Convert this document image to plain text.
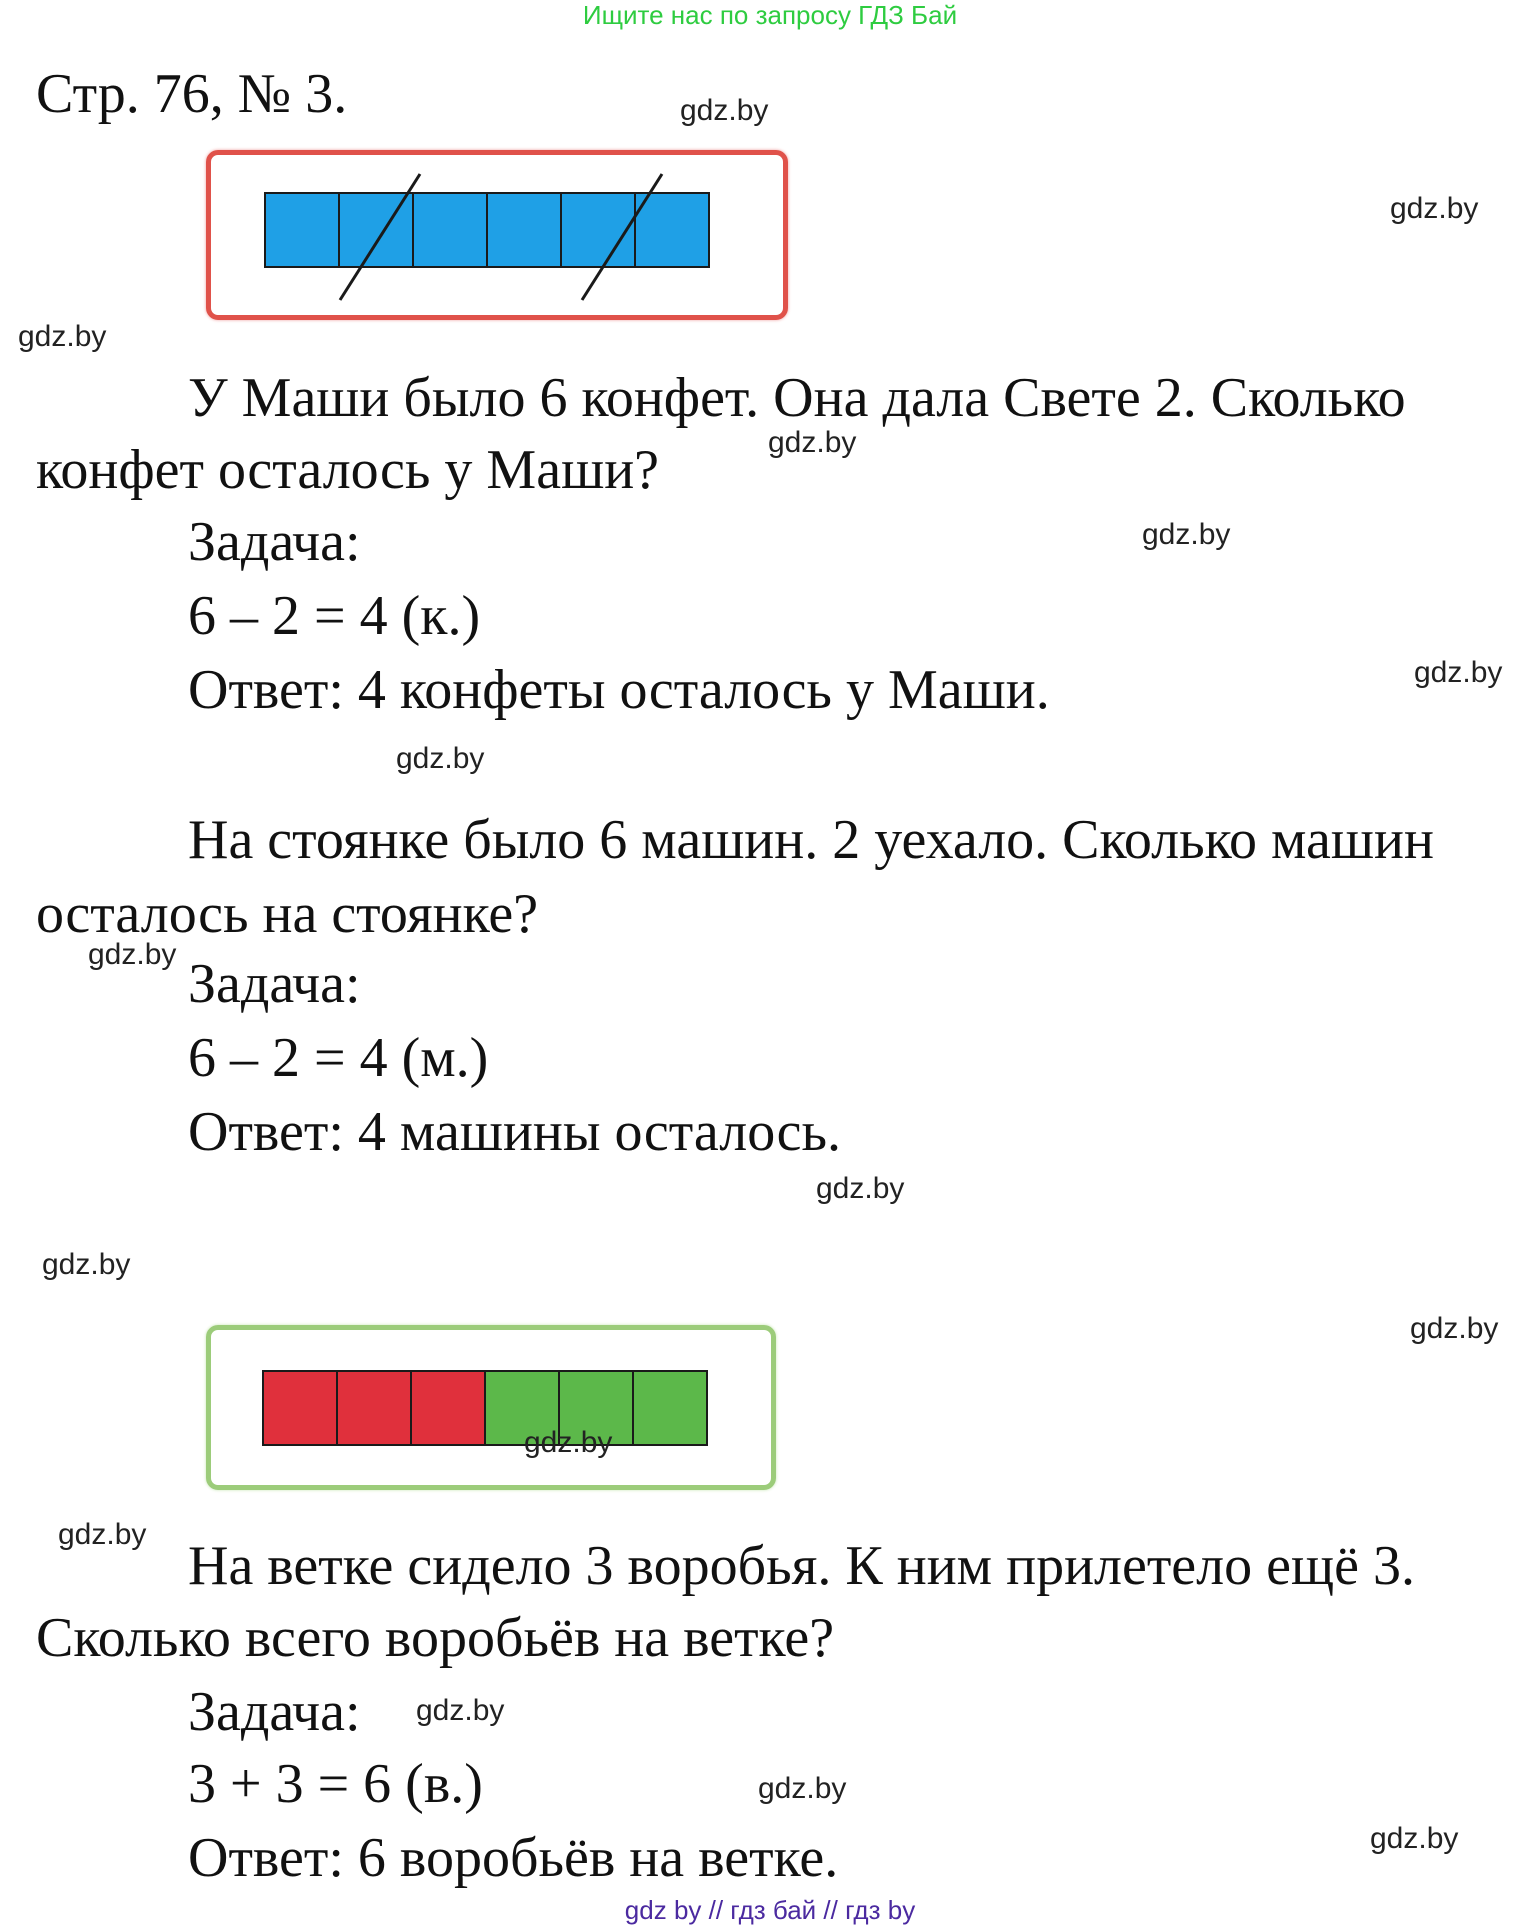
Ищите нас по запросу ГДЗ Бай
Стр. 76, № 3.
У Маши было 6 конфет. Она дала Свете 2. Сколько
конфет осталось у Маши?
Задача:
6 – 2 = 4 (к.)
Ответ: 4 конфеты осталось у Маши.
На стоянке было 6 машин. 2 уехало. Сколько машин
осталось на стоянке?
Задача:
6 – 2 = 4 (м.)
Ответ: 4 машины осталось.
На ветке сидело 3 воробья. К ним прилетело ещё 3.
Сколько всего воробьёв на ветке?
Задача:
3 + 3 = 6 (в.)
Ответ: 6 воробьёв на ветке.
gdz.by
gdz.by
gdz.by
gdz.by
gdz.by
gdz.by
gdz.by
gdz.by
gdz.by
gdz.by
gdz.by
gdz.by
gdz.by
gdz.by
gdz.by
gdz.by
gdz by // гдз бай // гдз by
